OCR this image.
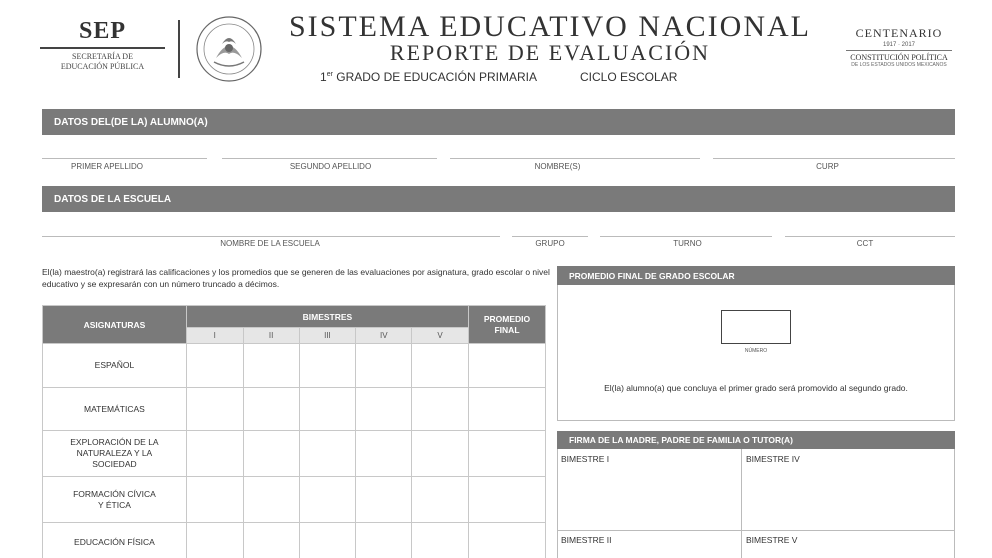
SEP
SECRETARÍA DE
EDUCACIÓN PÚBLICA
SISTEMA EDUCATIVO NACIONAL
REPORTE DE EVALUACIÓN
1er GRADO DE EDUCACIÓN PRIMARIA	CICLO ESCOLAR
CENTENARIO
1917 · 2017
CONSTITUCIÓN POLÍTICA
DE LOS ESTADOS UNIDOS MEXICANOS
DATOS DEL(DE LA) ALUMNO(A)
PRIMER APELLIDO	SEGUNDO APELLIDO	NOMBRE(S)	CURP
DATOS DE LA ESCUELA
NOMBRE DE LA ESCUELA	GRUPO	TURNO	CCT
El(la) maestro(a) registrará las calificaciones y los promedios que se generen de las evaluaciones por asignatura, grado escolar o nivel educativo y se expresarán con un número truncado a décimos.
ASIGNATURAS	BIMESTRES					PROMEDIO FINAL
	I	II	III	IV	V	
ESPAÑOL						
MATEMÁTICAS						
EXPLORACIÓN DE LA NATURALEZA Y LA SOCIEDAD						
FORMACIÓN CÍVICA Y ÉTICA						
EDUCACIÓN FÍSICA						
PROMEDIO FINAL DE GRADO ESCOLAR
NÚMERO
El(la) alumno(a) que concluya el primer grado será promovido al segundo grado.
FIRMA DE LA MADRE, PADRE DE FAMILIA O TUTOR(A)
BIMESTRE I	BIMESTRE IV
BIMESTRE II	BIMESTRE V
